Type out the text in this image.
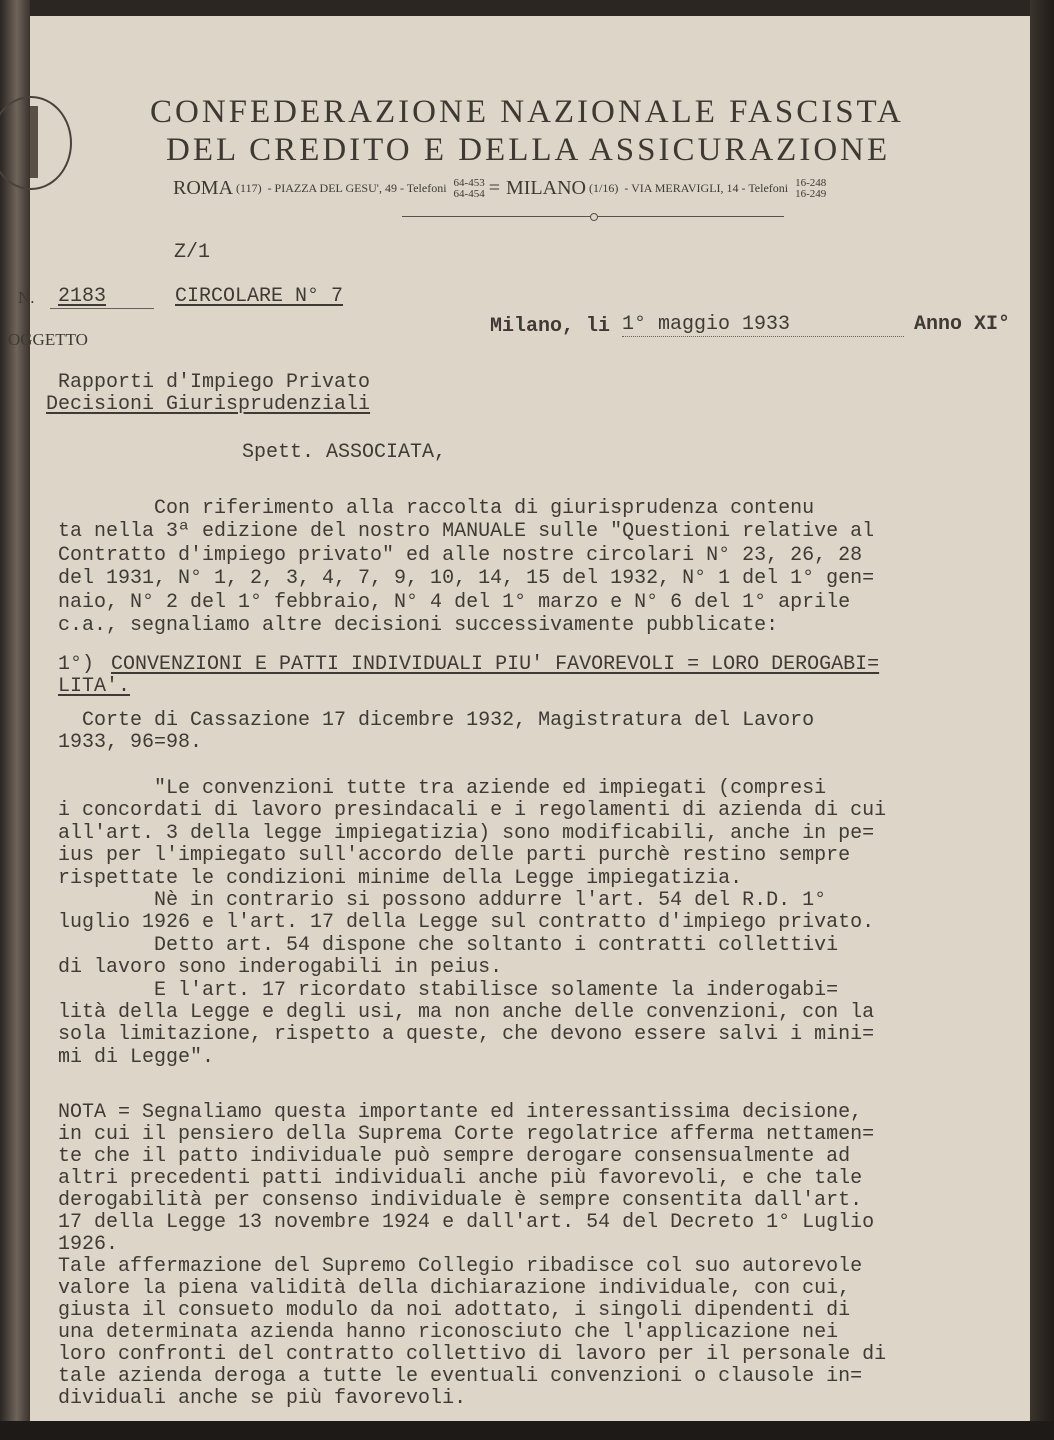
CONFEDERAZIONE NAZIONALE FASCISTA
DEL CREDITO E DELLA ASSICURAZIONE
ROMA (117) - PIAZZA DEL GESU', 49 - Telefoni 64-453
64-454 = MILANO (1/16) - VIA MERAVIGLI, 14 - Telefoni 16-248
16-249
Z/1
N. 2183	CIRCOLARE N° 7
OGGETTO
Milano, li 1° maggio 1933	Anno XI°
Rapporti d'Impiego Privato
Decisioni Giurisprudenziali
Spett. ASSOCIATA,
Con riferimento alla raccolta di giurisprudenza contenu
ta nella 3ª edizione del nostro MANUALE sulle "Questioni relative al
Contratto d'impiego privato" ed alle nostre circolari N° 23, 26, 28
del 1931, N° 1, 2, 3, 4, 7, 9, 10, 14, 15 del 1932, N° 1 del 1° gen=
naio, N° 2 del 1° febbraio, N° 4 del 1° marzo e N° 6 del 1° aprile
c.a., segnaliamo altre decisioni successivamente pubblicate:
1°) CONVENZIONI E PATTI INDIVIDUALI PIU' FAVOREVOLI = LORO DEROGABI=
LITA'.
Corte di Cassazione 17 dicembre 1932, Magistratura del Lavoro
1933, 96=98.
"Le convenzioni tutte tra aziende ed impiegati (compresi
i concordati di lavoro presindacali e i regolamenti di azienda di cui
all'art. 3 della legge impiegatizia) sono modificabili, anche in pe=
ius per l'impiegato sull'accordo delle parti purchè restino sempre
rispettate le condizioni minime della Legge impiegatizia.
Nè in contrario si possono addurre l'art. 54 del R.D. 1°
luglio 1926 e l'art. 17 della Legge sul contratto d'impiego privato.
Detto art. 54 dispone che soltanto i contratti collettivi
di lavoro sono inderogabili in peius.
E l'art. 17 ricordato stabilisce solamente la inderogabi=
lità della Legge e degli usi, ma non anche delle convenzioni, con la
sola limitazione, rispetto a queste, che devono essere salvi i mini=
mi di Legge".
NOTA = Segnaliamo questa importante ed interessantissima decisione,
in cui il pensiero della Suprema Corte regolatrice afferma nettamen=
te che il patto individuale può sempre derogare consensualmente ad
altri precedenti patti individuali anche più favorevoli, e che tale
derogabilità per consenso individuale è sempre consentita dall'art.
17 della Legge 13 novembre 1924 e dall'art. 54 del Decreto 1° Luglio
1926.
Tale affermazione del Supremo Collegio ribadisce col suo autorevole
valore la piena validità della dichiarazione individuale, con cui,
giusta il consueto modulo da noi adottato, i singoli dipendenti di
una determinata azienda hanno riconosciuto che l'applicazione nei
loro confronti del contratto collettivo di lavoro per il personale di
tale azienda deroga a tutte le eventuali convenzioni o clausole in=
dividuali anche se più favorevoli.
